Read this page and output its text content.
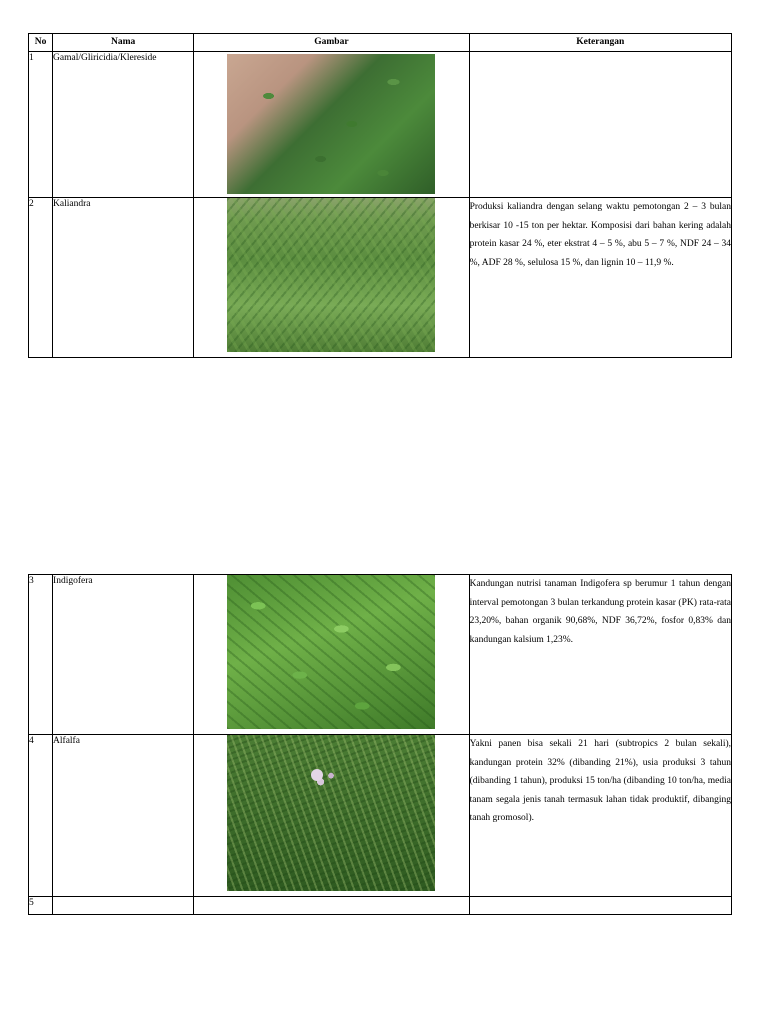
No	Nama	Gambar	Keterangan
1	Gamal/Gliricidia/Klereside	

2	Kaliandra		Produksi kaliandra dengan selang waktu pemotongan 2 – 3 bulan berkisar 10 -15 ton per hektar. Komposisi dari bahan kering adalah protein kasar 24 %, eter ekstrat 4 – 5 %, abu 5 – 7 %, NDF 24 – 34 %, ADF 28 %, selulosa 15 %, dan lignin 10 – 11,9 %.
3	Indigofera		Kandungan nutrisi tanaman Indigofera sp berumur 1 tahun dengan interval pemotongan 3 bulan terkandung protein kasar (PK) rata-rata 23,20%, bahan organik 90,68%, NDF 36,72%, fosfor 0,83% dan kandungan kalsium 1,23%.
4	Alfalfa		Yakni panen bisa sekali 21 hari (subtropics 2 bulan sekali), kandungan protein 32% (dibanding 21%), usia produksi 3 tahun (dibanding 1 tahun), produksi 15 ton/ha (dibanding 10 ton/ha, media tanam segala jenis tanah termasuk lahan tidak produktif, dibanging tanah gromosol).
5			
